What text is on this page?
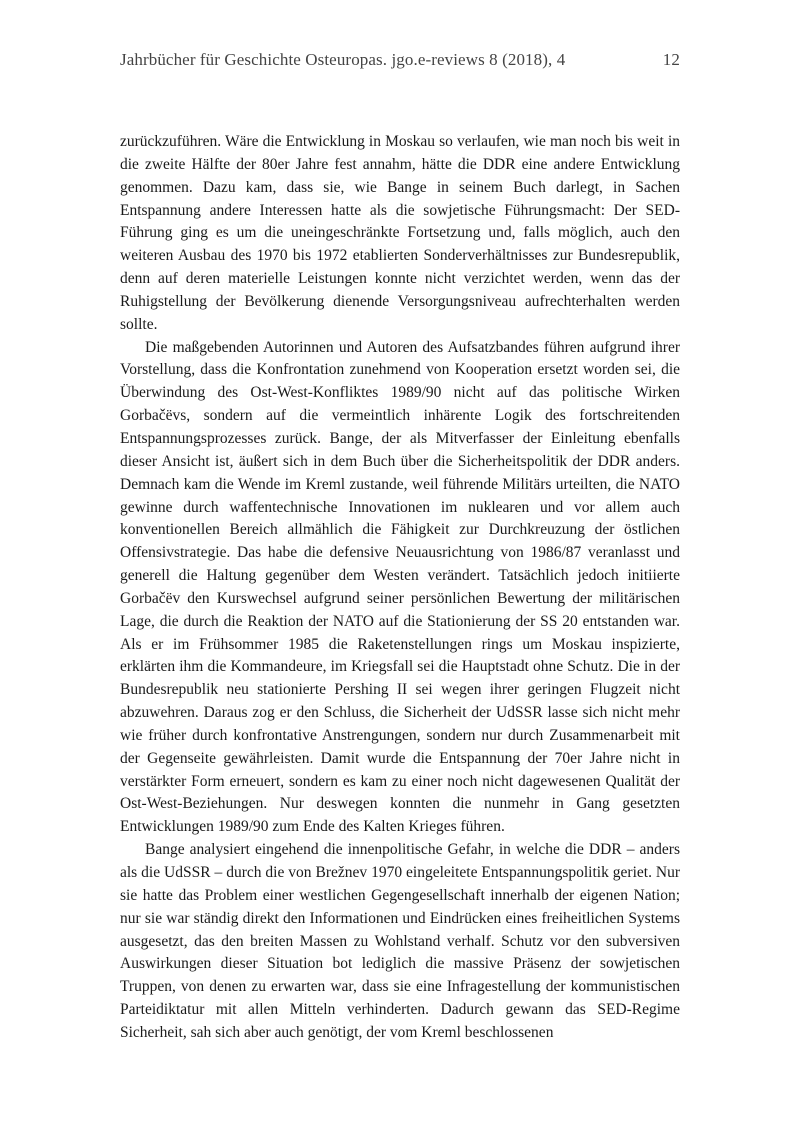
Jahrbücher für Geschichte Osteuropas. jgo.e-reviews 8 (2018), 4	12

zurückzuführen. Wäre die Entwicklung in Moskau so verlaufen, wie man noch bis weit in die zweite Hälfte der 80er Jahre fest annahm, hätte die DDR eine andere Entwicklung genommen. Dazu kam, dass sie, wie Bange in seinem Buch darlegt, in Sachen Entspannung andere Interessen hatte als die sowjetische Führungsmacht: Der SED-Führung ging es um die uneingeschränkte Fortsetzung und, falls möglich, auch den weiteren Ausbau des 1970 bis 1972 etablierten Sonderverhältnisses zur Bundesrepublik, denn auf deren materielle Leistungen konnte nicht verzichtet werden, wenn das der Ruhigstellung der Bevölkerung dienende Versorgungsniveau aufrechterhalten werden sollte.

Die maßgebenden Autorinnen und Autoren des Aufsatzbandes führen aufgrund ihrer Vorstellung, dass die Konfrontation zunehmend von Kooperation ersetzt worden sei, die Überwindung des Ost-West-Konfliktes 1989/90 nicht auf das politische Wirken Gorbačëvs, sondern auf die vermeintlich inhärente Logik des fortschreitenden Entspannungsprozesses zurück. Bange, der als Mitverfasser der Einleitung ebenfalls dieser Ansicht ist, äußert sich in dem Buch über die Sicherheitspolitik der DDR anders. Demnach kam die Wende im Kreml zustande, weil führende Militärs urteilten, die NATO gewinne durch waffentechnische Innovationen im nuklearen und vor allem auch konventionellen Bereich allmählich die Fähigkeit zur Durchkreuzung der östlichen Offensivstrategie. Das habe die defensive Neuausrichtung von 1986/87 veranlasst und generell die Haltung gegenüber dem Westen verändert. Tatsächlich jedoch initiierte Gorbačëv den Kurswechsel aufgrund seiner persönlichen Bewertung der militärischen Lage, die durch die Reaktion der NATO auf die Stationierung der SS 20 entstanden war. Als er im Frühsommer 1985 die Raketenstellungen rings um Moskau inspizierte, erklärten ihm die Kommandeure, im Kriegsfall sei die Hauptstadt ohne Schutz. Die in der Bundesrepublik neu stationierte Pershing II sei wegen ihrer geringen Flugzeit nicht abzuwehren. Daraus zog er den Schluss, die Sicherheit der UdSSR lasse sich nicht mehr wie früher durch konfrontative Anstrengungen, sondern nur durch Zusammenarbeit mit der Gegenseite gewährleisten. Damit wurde die Entspannung der 70er Jahre nicht in verstärkter Form erneuert, sondern es kam zu einer noch nicht dagewesenen Qualität der Ost-West-Beziehungen. Nur deswegen konnten die nunmehr in Gang gesetzten Entwicklungen 1989/90 zum Ende des Kalten Krieges führen.

Bange analysiert eingehend die innenpolitische Gefahr, in welche die DDR – anders als die UdSSR – durch die von Brežnev 1970 eingeleitete Entspannungspolitik geriet. Nur sie hatte das Problem einer westlichen Gegengesellschaft innerhalb der eigenen Nation; nur sie war ständig direkt den Informationen und Eindrücken eines freiheitlichen Systems ausgesetzt, das den breiten Massen zu Wohlstand verhalf. Schutz vor den subversiven Auswirkungen dieser Situation bot lediglich die massive Präsenz der sowjetischen Truppen, von denen zu erwarten war, dass sie eine Infragestellung der kommunistischen Parteidiktatur mit allen Mitteln verhinderten. Dadurch gewann das SED-Regime Sicherheit, sah sich aber auch genötigt, der vom Kreml beschlossenen
